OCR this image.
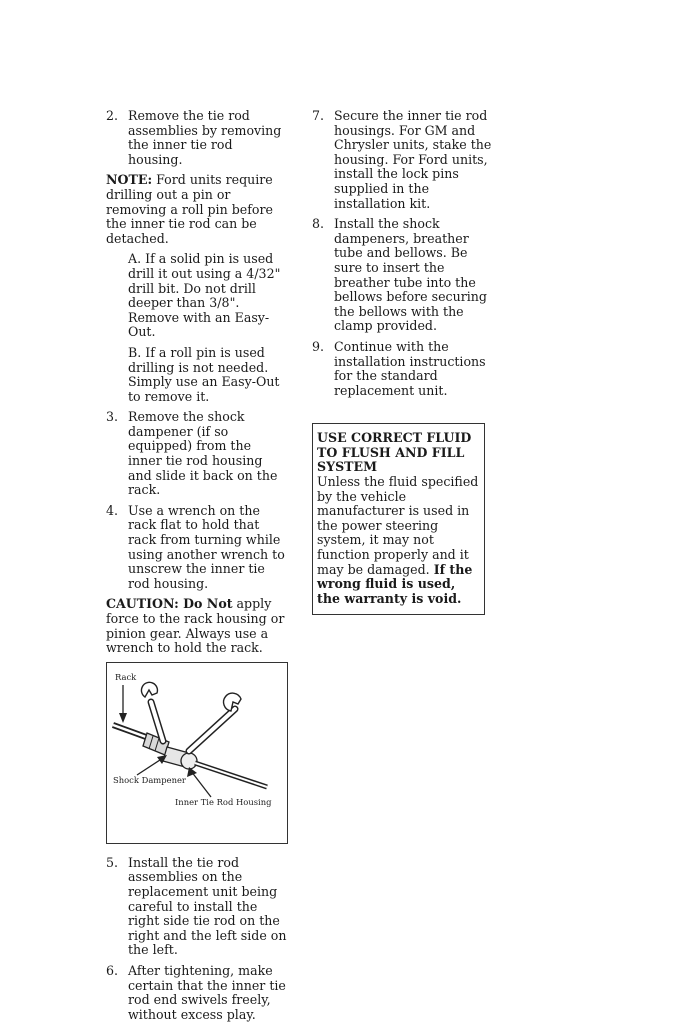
2. Remove the tie rod assemblies by removing the inner tie rod housing.

NOTE: Ford units require drilling out a pin or removing a roll pin before the inner tie rod can be detached.

A. If a solid pin is used drill it out using a 4/32" drill bit. Do not drill deeper than 3/8". Remove with an Easy-Out.

B. If a roll pin is used drilling is not needed. Simply use an Easy-Out to remove it.

3. Remove the shock dampener (if so equipped) from the inner tie rod housing and slide it back on the rack.
4. Use a wrench on the rack flat to hold that rack from turning while using another wrench to unscrew the inner tie rod housing.

CAUTION: Do Not apply force to the rack housing or pinion gear. Always use a wrench to hold the rack.

Rack
Shock Dampener
Inner Tie Rod Housing
5. Install the tie rod assemblies on the replacement unit being careful to install the right side tie rod on the right and the left side on the left.
6. After tightening, make certain that the inner tie rod end swivels freely, without excess play.
7. Secure the inner tie rod housings. For GM and Chrysler units, stake the housing. For Ford units, install the lock pins supplied in the installation kit.
8. Install the shock dampeners, breather tube and bellows. Be sure to insert the breather tube into the bellows before securing the bellows with the clamp provided.
9. Continue with the installation instructions for the standard replacement unit.
USE CORRECT FLUID TO FLUSH AND FILL SYSTEM
Unless the fluid specified by the vehicle manufacturer is used in the power steering system, it may not function properly and it may be damaged. If the wrong fluid is used, the warranty is void.
